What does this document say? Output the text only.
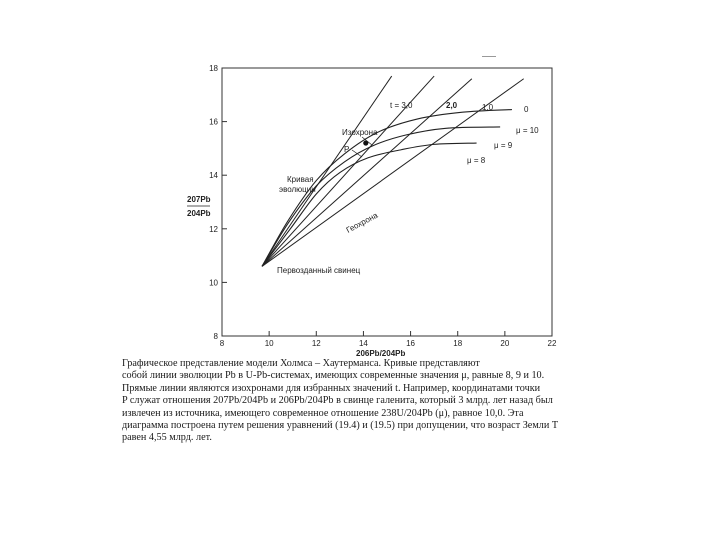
8	10	12	14	16	18	20	22
8
10
12
14
16
18
t = 3,0	2,0	1,0	0
μ = 10
μ = 9
μ = 8
Изохрона
P
Кривая
эволюции
Геохрона
Первозданный свинец
207Pb
204Pb
206Pb/204Pb

Графическое представление модели Холмса – Хаутерманса. Кривые представляют

собой линии эволюции Pb в U-Pb-системах, имеющих современные значения μ, равные 8, 9 и 10.

Прямые линии являются изохронами для избранных значений t. Например, координатами точки

P служат отношения 207Pb/204Pb и 206Pb/204Pb в свинце галенита, который 3 млрд. лет назад был

извлечен из источника, имеющего современное отношение 238U/204Pb (μ), равное 10,0. Эта

диаграмма построена путем решения уравнений (19.4) и (19.5) при допущении, что возраст Земли T

равен 4,55 млрд. лет.
